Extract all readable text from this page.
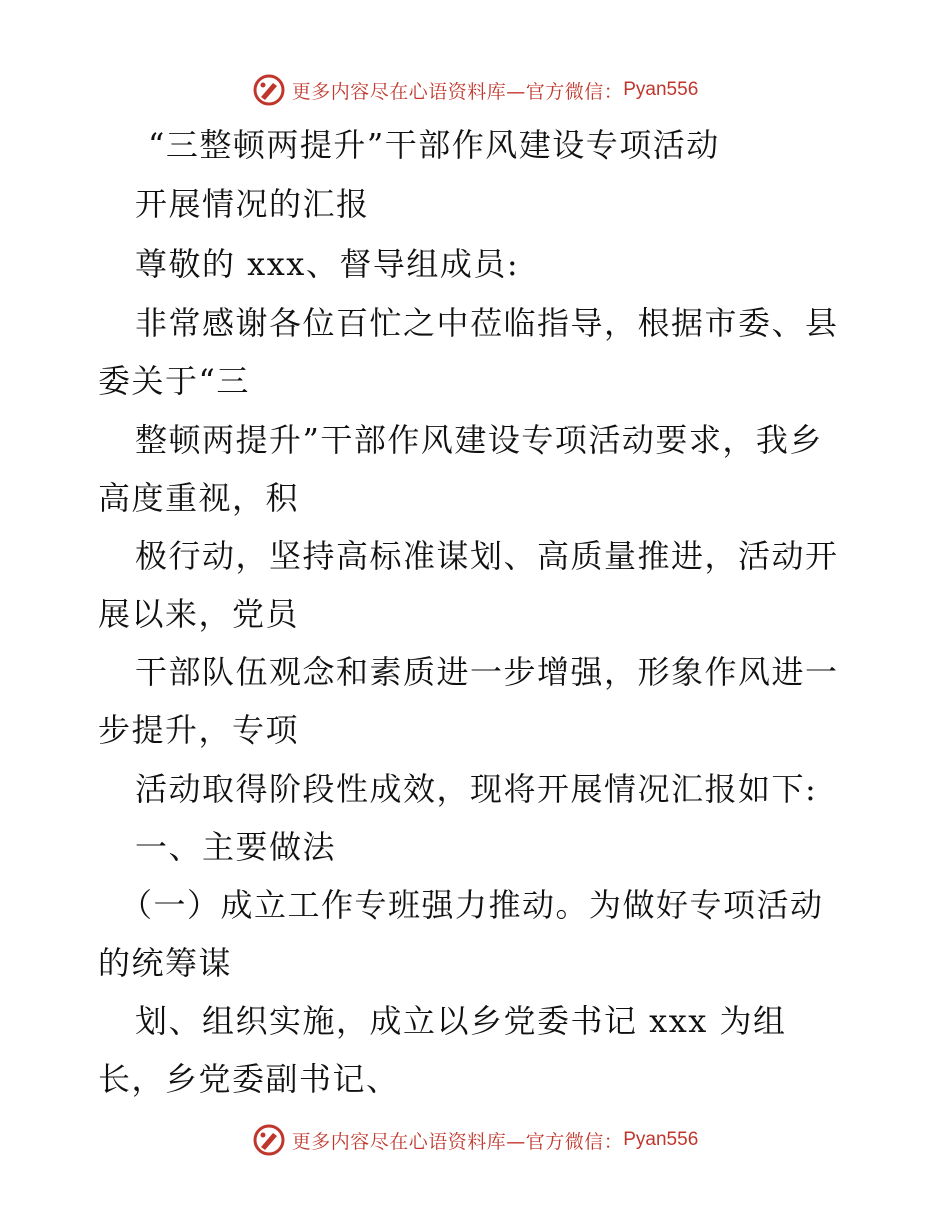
更多内容尽在心语资料库—官方微信： Pyan556
“三整顿两提升”干部作风建设专项活动
开展情况的汇报
尊敬的 xxx、督导组成员:
非常感谢各位百忙之中莅临指导，根据市委、县
委关于“三
整顿两提升”干部作风建设专项活动要求，我乡
高度重视，积
极行动，坚持高标准谋划、高质量推进，活动开
展以来，党员
干部队伍观念和素质进一步增强，形象作风进一
步提升，专项
活动取得阶段性成效，现将开展情况汇报如下:
一、主要做法
（一）成立工作专班强力推动。为做好专项活动
的统筹谋
划、组织实施，成立以乡党委书记 xxx 为组
长，乡党委副书记、
更多内容尽在心语资料库—官方微信： Pyan556
